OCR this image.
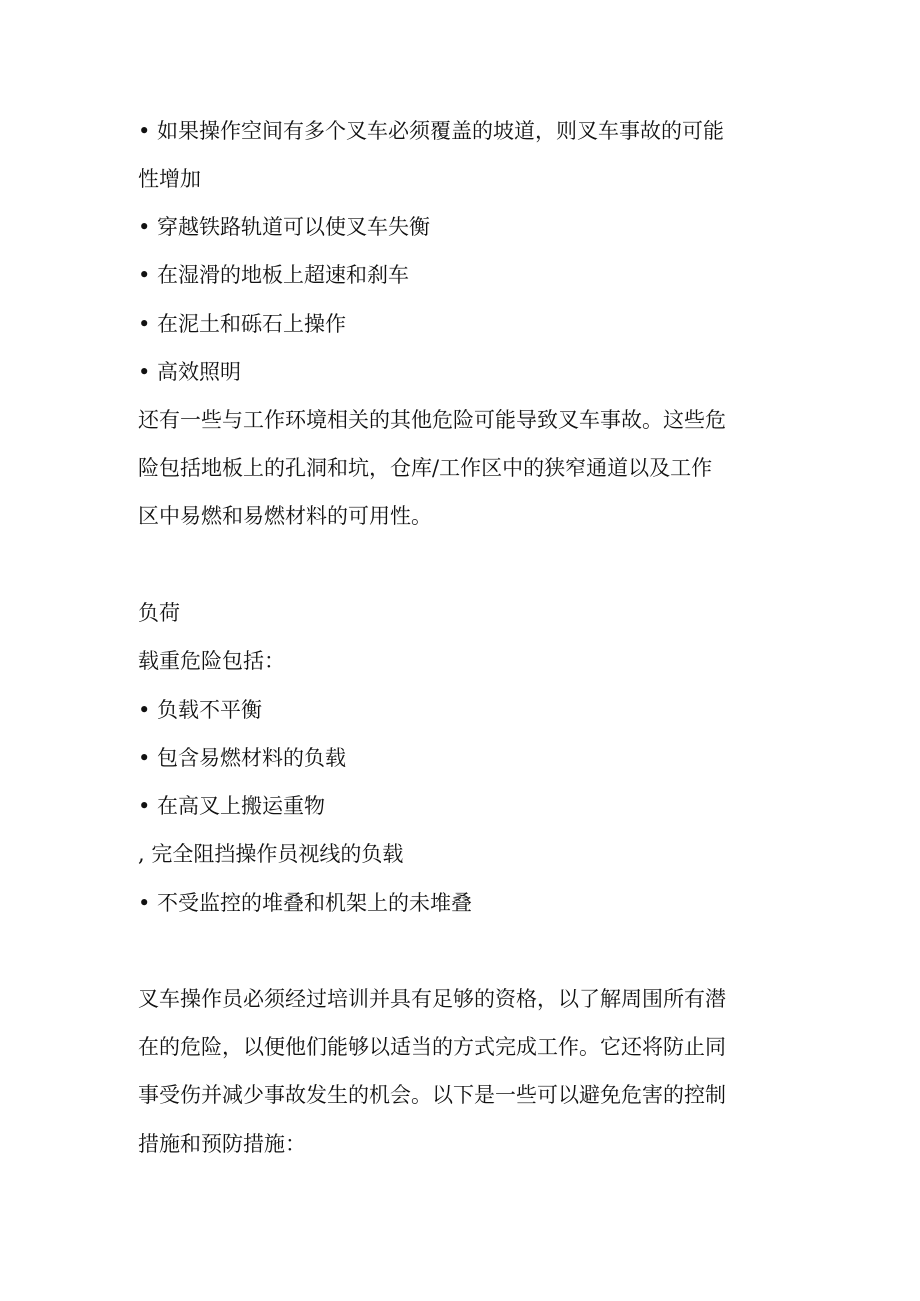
• 如果操作空间有多个叉车必须覆盖的坡道，则叉车事故的可能
性增加
• 穿越铁路轨道可以使叉车失衡
• 在湿滑的地板上超速和刹车
• 在泥土和砾石上操作
• 高效照明
还有一些与工作环境相关的其他危险可能导致叉车事故。这些危
险包括地板上的孔洞和坑，仓库/工作区中的狭窄通道以及工作
区中易燃和易燃材料的可用性。
负荷
载重危险包括：
• 负载不平衡
• 包含易燃材料的负载
• 在高叉上搬运重物
, 完全阻挡操作员视线的负载
• 不受监控的堆叠和机架上的未堆叠
叉车操作员必须经过培训并具有足够的资格，以了解周围所有潜
在的危险，以便他们能够以适当的方式完成工作。它还将防止同
事受伤并减少事故发生的机会。以下是一些可以避免危害的控制
措施和预防措施：
